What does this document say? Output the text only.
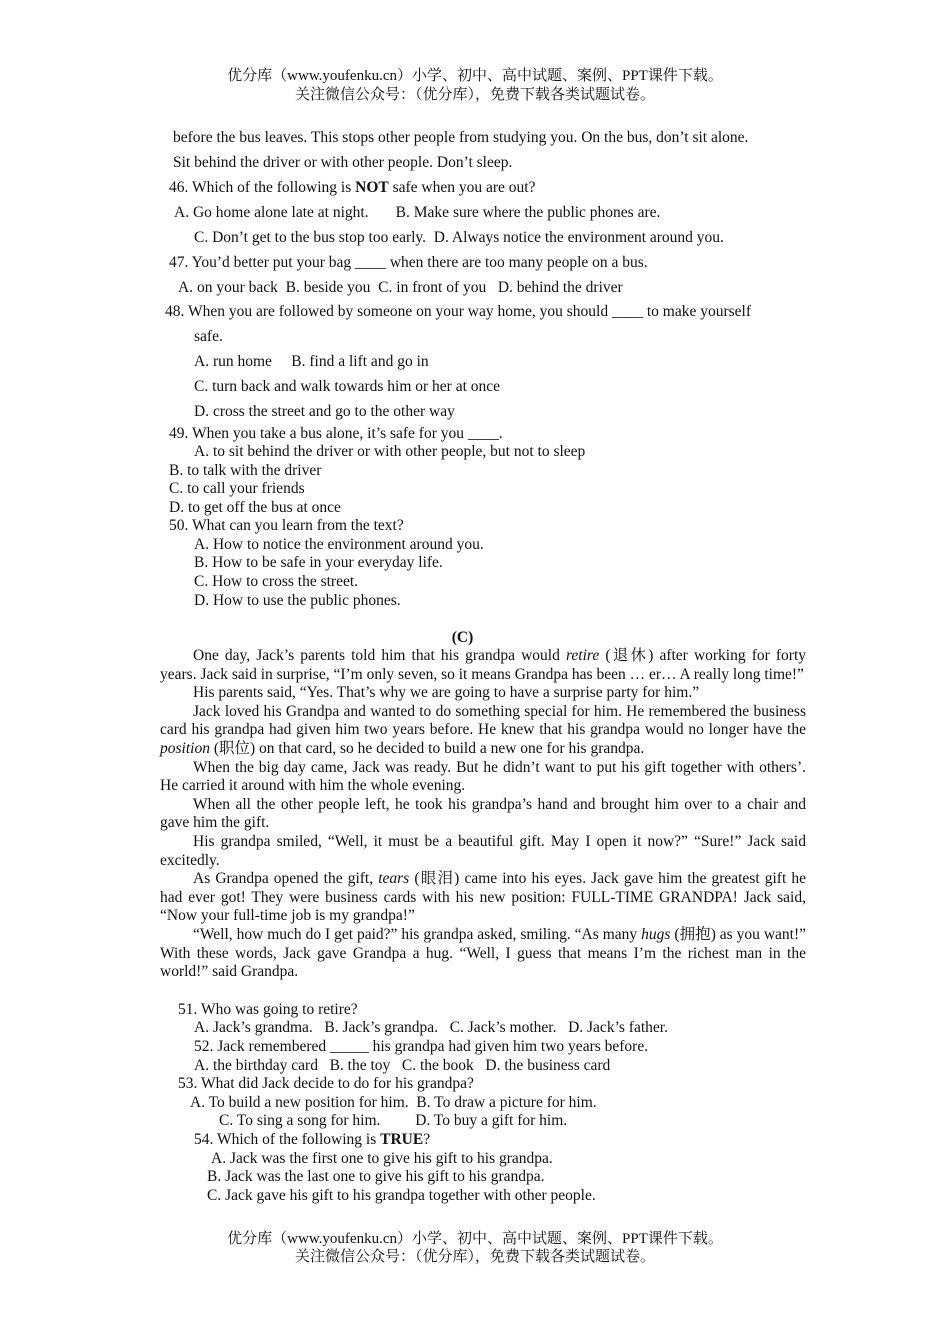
优分库（www.youfenku.cn）小学、初中、高中试题、案例、PPT课件下载。
关注微信公众号：（优分库），免费下载各类试题试卷。
before the bus leaves. This stops other people from studying you. On the bus, don’t sit alone.
Sit behind the driver or with other people. Don’t sleep.
46. Which of the following is NOT safe when you are out?
A. Go home alone late at night.       B. Make sure where the public phones are.
C. Don’t get to the bus stop too early.  D. Always notice the environment around you.
47. You’d better put your bag ____ when there are too many people on a bus.
A. on your back  B. beside you  C. in front of you   D. behind the driver
48. When you are followed by someone on your way home, you should ____ to make yourself
safe.
A. run home     B. find a lift and go in
C. turn back and walk towards him or her at once
D. cross the street and go to the other way
49. When you take a bus alone, it’s safe for you ____.
A. to sit behind the driver or with other people, but not to sleep
B. to talk with the driver
C. to call your friends
D. to get off the bus at once
50. What can you learn from the text?
A. How to notice the environment around you.
B. How to be safe in your everyday life.
C. How to cross the street.
D. How to use the public phones.
(C)

One day, Jack’s parents told him that his grandpa would retire (退休) after working for forty years. Jack said in surprise, “I’m only seven, so it means Grandpa has been … er… A really long time!”

His parents said, “Yes. That’s why we are going to have a surprise party for him.”

Jack loved his Grandpa and wanted to do something special for him. He remembered the business card his grandpa had given him two years before. He knew that his grandpa would no longer have the position (职位) on that card, so he decided to build a new one for his grandpa.

When the big day came, Jack was ready. But he didn’t want to put his gift together with others’. He carried it around with him the whole evening.

When all the other people left, he took his grandpa’s hand and brought him over to a chair and gave him the gift.

His grandpa smiled, “Well, it must be a beautiful gift. May I open it now?” “Sure!” Jack said excitedly.

As Grandpa opened the gift, tears (眼泪) came into his eyes. Jack gave him the greatest gift he had ever got! They were business cards with his new position: FULL-TIME GRANDPA! Jack said, “Now your full-time job is my grandpa!”

“Well, how much do I get paid?” his grandpa asked, smiling. “As many hugs (拥抱) as you want!” With these words, Jack gave Grandpa a hug. “Well, I guess that means I’m the richest man in the world!” said Grandpa.

51. Who was going to retire?
A. Jack’s grandma.   B. Jack’s grandpa.   C. Jack’s mother.   D. Jack’s father.
52. Jack remembered _____ his grandpa had given him two years before.
A. the birthday card   B. the toy   C. the book   D. the business card
53. What did Jack decide to do for his grandpa?
A. To build a new position for him.  B. To draw a picture for him.
C. To sing a song for him.         D. To buy a gift for him.
54. Which of the following is TRUE?
A. Jack was the first one to give his gift to his grandpa.
B. Jack was the last one to give his gift to his grandpa.
C. Jack gave his gift to his grandpa together with other people.
优分库（www.youfenku.cn）小学、初中、高中试题、案例、PPT课件下载。
关注微信公众号：（优分库），免费下载各类试题试卷。
